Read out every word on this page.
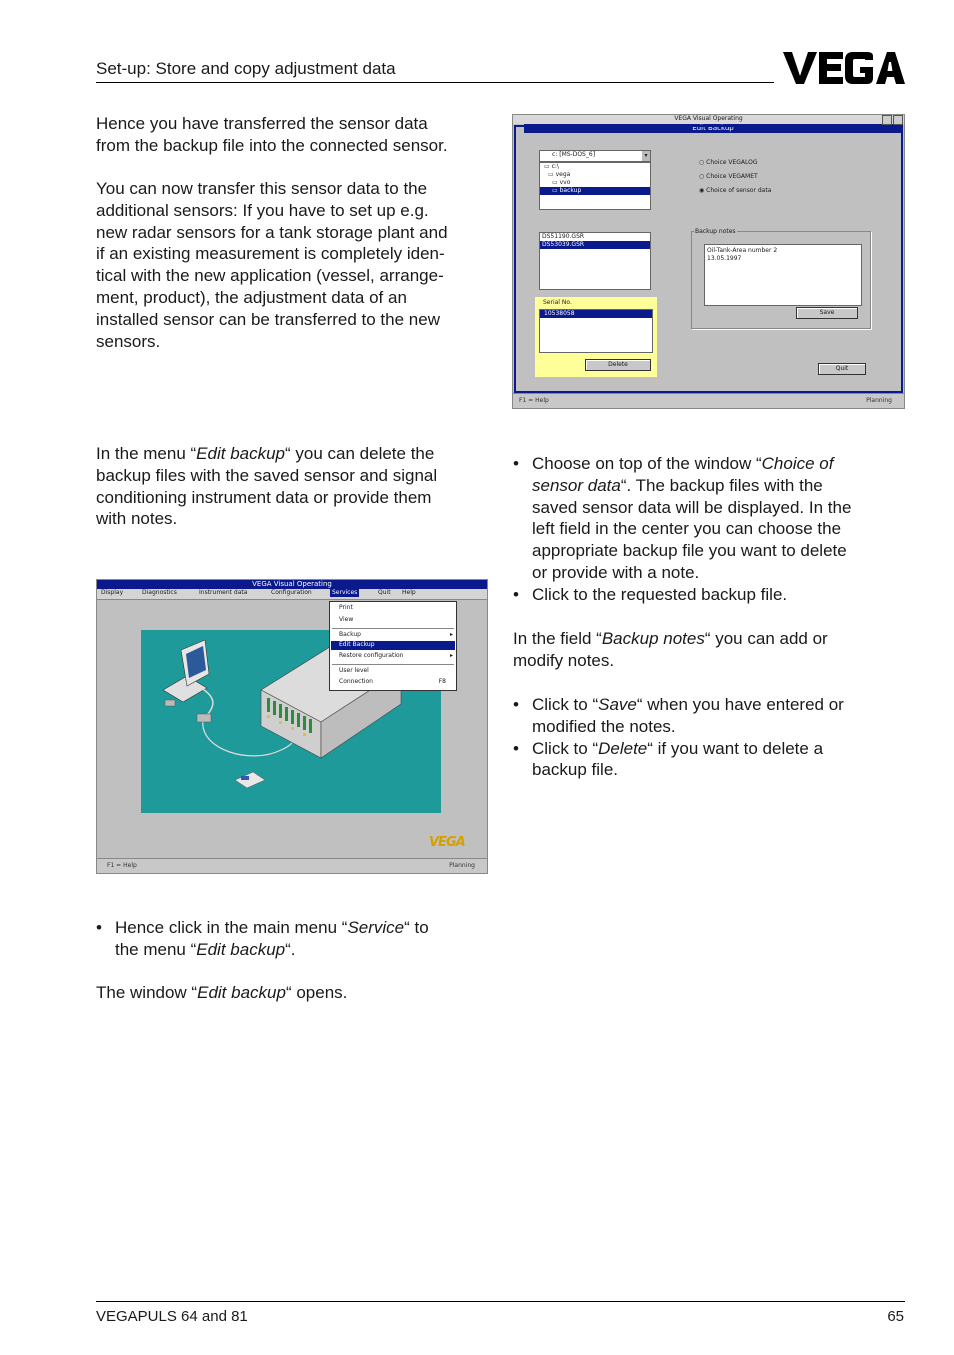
Set-up: Store and copy adjustment data

Hence you have transferred the sensor data

from the backup file into the connected sensor.

You can now transfer this sensor data to the

additional sensors: If you have to set up e.g.

new radar sensors for a tank storage plant and

if an existing measurement is completely iden-

tical with the new application (vessel, arrange-

ment, product), the adjustment data of an

installed sensor can be transferred to the new

sensors.

In the menu “Edit backup“ you can delete the

backup files with the saved sensor and signal

conditioning instrument data or provide them

with notes.

VEGA Visual Operating
Display	Diagnostics	Instrument data	Configuration	Services	Quit Help
Print
View
Backup	▸
Edit Backup
Restore configuration	▸
User level
Connection	F8
VEGA
F1 = Help	Planning
• Hence click in the main menu “Service“ to
the menu “Edit backup“.

The window “Edit backup“ opens.

VEGA Visual Operating
Edit Backup
c: [MS-DOS_6]	▾
▭ c:\
▭ vega
▭ vvo
▭ backup
○ Choice VEGALOG
○ Choice VEGAMET
◉ Choice of sensor data
DS51190.GSR
DS53039.GSR
Backup notes
Oil-Tank-Area number 2
13.05.1997
Save
Serial No.
10538058
Delete
Quit
F1 = Help	Planning
• Choose on top of the window “Choice of
sensor data“. The backup files with the
saved sensor data will be displayed. In the
left field in the center you can choose the
appropriate backup file you want to delete
or provide with a note.
• Click to the requested backup file.

In the field “Backup notes“ you can add or

modify notes.

• Click to “Save“ when you have entered or
modified the notes.
• Click to “Delete“ if you want to delete a
backup file.
VEGAPULS 64 and 81	65
